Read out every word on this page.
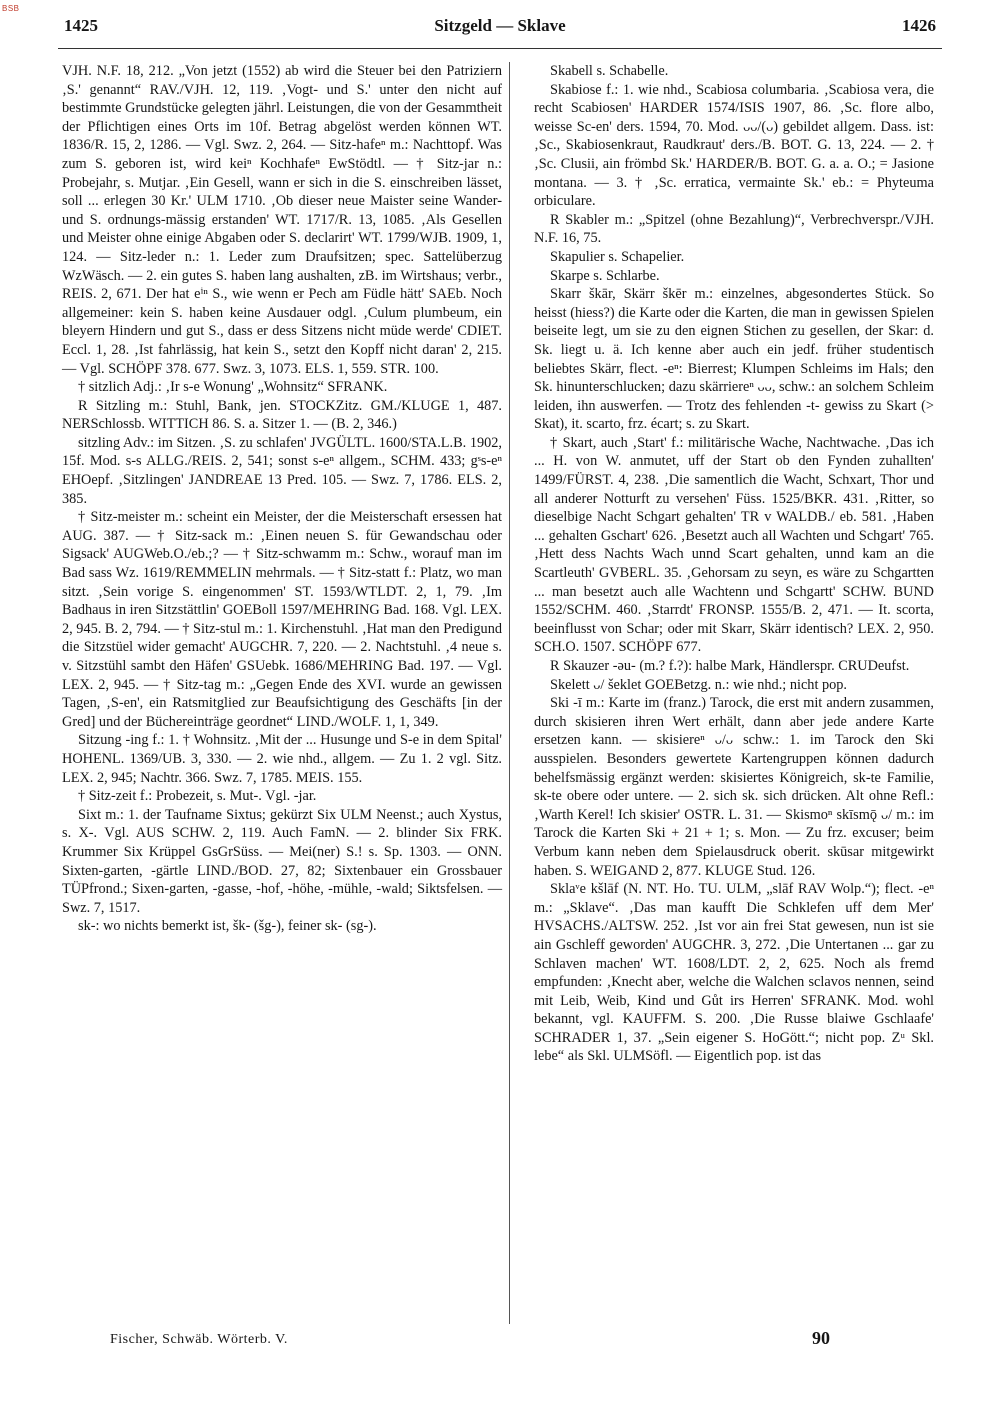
BSB
1425	Sitzgeld — Sklave	1426

VJH. N.F. 18, 212. „Von jetzt (1552) ab wird die Steuer bei den Patriziern ‚S.' genannt“ RAV./VJH. 12, 119. ‚Vogt- und S.' unter den nicht auf bestimmte Grundstücke gelegten jährl. Leistungen, die von der Gesammtheit der Pflichtigen eines Orts im 10f. Betrag abgelöst werden können WT. 1836/R. 15, 2, 1286. — Vgl. Swz. 2, 264. — Sitz-hafeⁿ m.: Nachttopf. Was zum S. geboren ist, wird keiⁿ Kochhafeⁿ EwStödtl. — † Sitz-jar n.: Probejahr, s. Mutjar. ‚Ein Gesell, wann er sich in die S. einschreiben lässet, soll ... erlegen 30 Kr.' ULM 1710. ‚Ob dieser neue Maister seine Wander- und S. ordnungs-mässig erstanden' WT. 1717/R. 13, 1085. ‚Als Gesellen und Meister ohne einige Abgaben oder S. declarirt' WT. 1799/WJB. 1909, 1, 124. — Sitz-leder n.: 1. Leder zum Draufsitzen; spec. Sattelüberzug WzWäsch. — 2. ein gutes S. haben lang aushalten, zB. im Wirtshaus; verbr., REIS. 2, 671. Der hat eⁱⁿ S., wie wenn er Pech am Füdle hätt' SAEb. Noch allgemeiner: kein S. haben keine Ausdauer odgl. ‚Culum plumbeum, ein bleyern Hindern und gut S., dass er dess Sitzens nicht müde werde' CDIET. Eccl. 1, 28. ‚Ist fahrlässig, hat kein S., setzt den Kopff nicht daran' 2, 215. — Vgl. SCHÖPF 378. 677. Swz. 3, 1073. ELS. 1, 559. STR. 100.

† sitzlich Adj.: ‚Ir s-e Wonung' „Wohnsitz“ SFRANK.

R Sitzling m.: Stuhl, Bank, jen. STOCKZitz. GM./KLUGE 1, 487. NERSchlossb. WITTICH 86. S. a. Sitzer 1. — (B. 2, 346.)

sitzling Adv.: im Sitzen. ‚S. zu schlafen' JVGÜLTL. 1600/STA.L.B. 1902, 15f. Mod. s-s ALLG./REIS. 2, 541; sonst s-eⁿ allgem., SCHM. 433; gˢs-eⁿ EHOepf. ‚Sitzlingen' JANDREAE 13 Pred. 105. — Swz. 7, 1786. ELS. 2, 385.

† Sitz-meister m.: scheint ein Meister, der die Meisterschaft ersessen hat AUG. 387. — † Sitz-sack m.: ‚Einen neuen S. für Gewandschau oder Sigsack' AUGWeb.O./eb.;? — † Sitz-schwamm m.: Schw., worauf man im Bad sass Wz. 1619/REMMELIN mehrmals. — † Sitz-statt f.: Platz, wo man sitzt. ‚Sein vorige S. eingenommen' ST. 1593/WTLDT. 2, 1, 79. ‚Im Badhaus in iren Sitzstättlin' GOEBoll 1597/MEHRING Bad. 168. Vgl. LEX. 2, 945. B. 2, 794. — † Sitz-stul m.: 1. Kirchenstuhl. ‚Hat man den Predigund die Sitzstüel wider gemacht' AUGCHR. 7, 220. — 2. Nachtstuhl. ‚4 neue s. v. Sitzstühl sambt den Häfen' GSUebk. 1686/MEHRING Bad. 197. — Vgl. LEX. 2, 945. — † Sitz-tag m.: „Gegen Ende des XVI. wurde an gewissen Tagen, ‚S-en', ein Ratsmitglied zur Beaufsichtigung des Geschäfts [in der Gred] und der Büchereinträge geordnet“ LIND./WOLF. 1, 1, 349.

Sitzung -ing f.: 1. † Wohnsitz. ‚Mit der ... Husunge und S-e in dem Spital' HOHENL. 1369/UB. 3, 330. — 2. wie nhd., allgem. — Zu 1. 2 vgl. Sitz. LEX. 2, 945; Nachtr. 366. Swz. 7, 1785. MEIS. 155.

† Sitz-zeit f.: Probezeit, s. Mut-. Vgl. -jar.

Sixt m.: 1. der Taufname Sixtus; gekürzt Six ULM Neenst.; auch Xystus, s. X-. Vgl. AUS SCHW. 2, 119. Auch FamN. — 2. blinder Six FRK. Krummer Six Krüppel GsGrSüss. — Mei(ner) S.! s. Sp. 1303. — ONN. Sixten-garten, -gärtle LIND./BOD. 27, 82; Sixtenbauer ein Grossbauer TÜPfrond.; Sixen-garten, -gasse, -hof, -höhe, -mühle, -wald; Siktsfelsen. — Swz. 7, 1517.

sk-: wo nichts bemerkt ist, šk- (šg-), feiner sk- (sg-).

Skabell s. Schabelle.

Skabiose f.: 1. wie nhd., Scabiosa columbaria. ‚Scabiosa vera, die recht Scabiosen' HARDER 1574/ISIS 1907, 86. ‚Sc. flore albo, weisse Sc-en' ders. 1594, 70. Mod. ᴗᴗ/(ᴗ) gebildet allgem. Dass. ist: ‚Sc., Skabiosenkraut, Raudkraut' ders./B. BOT. G. 13, 224. — 2. † ‚Sc. Clusii, ain frömbd Sk.' HARDER/B. BOT. G. a. a. O.; = Jasione montana. — 3. † ‚Sc. erratica, vermainte Sk.' eb.: = Phyteuma orbiculare.

R Skabler m.: „Spitzel (ohne Bezahlung)“, Verbrechverspr./VJH. N.F. 16, 75.

Skapulier s. Schapelier.

Skarpe s. Schlarbe.

Skarr škār, Skärr škēr m.: einzelnes, abgesondertes Stück. So heisst (hiess?) die Karte oder die Karten, die man in gewissen Spielen beiseite legt, um sie zu den eignen Stichen zu gesellen, der Skar: d. Sk. liegt u. ä. Ich kenne aber auch ein jedf. früher studentisch beliebtes Skärr, flect. -eⁿ: Bierrest; Klumpen Schleims im Hals; den Sk. hinunterschlucken; dazu skärriereⁿ ᴗᴗ, schw.: an solchem Schleim leiden, ihn auswerfen. — Trotz des fehlenden -t- gewiss zu Skart (> Skat), it. scarto, frz. écart; s. zu Skart.

† Skart, auch ‚Start' f.: militärische Wache, Nachtwache. ‚Das ich ... H. von W. anmutet, uff der Start ob den Fynden zuhallten' 1499/FÜRST. 4, 238. ‚Die samentlich die Wacht, Schxart, Thor und all anderer Notturft zu versehen' Füss. 1525/BKR. 431. ‚Ritter, so dieselbige Nacht Schgart gehalten' TR v WALDB./ eb. 581. ‚Haben ... gehalten Gschart' 626. ‚Besetzt auch all Wachten und Schgart' 765. ‚Hett dess Nachts Wach unnd Scart gehalten, unnd kam an die Scartleuth' GVBERL. 35. ‚Gehorsam zu seyn, es wäre zu Schgartten ... man besetzt auch alle Wachtenn und Schgartt' SCHW. BUND 1552/SCHM. 460. ‚Starrdt' FRONSP. 1555/B. 2, 471. — It. scorta, beeinflusst von Schar; oder mit Skarr, Skärr identisch? LEX. 2, 950. SCH.O. 1507. SCHÖPF 677.

R Skauzer -ǝu- (m.? f.?): halbe Mark, Händlerspr. CRUDeufst.

Skelett ᴗ/ šeklet GOEBetzg. n.: wie nhd.; nicht pop.

Ski -ī m.: Karte im (franz.) Tarock, die erst mit andern zusammen, durch skisieren ihren Wert erhält, dann aber jede andere Karte ersetzen kann. — skisiereⁿ ᴗ/ᴗ schw.: 1. im Tarock den Ski ausspielen. Besonders gewertete Kartengruppen können dadurch behelfsmässig ergänzt werden: skisiertes Königreich, sk-te Familie, sk-te obere oder untere. — 2. sich sk. sich drücken. Alt ohne Refl.: ‚Warth Kerel! Ich skisier' OSTR. L. 31. — Skismoⁿ skīsmǭ ᴗ/ m.: im Tarock die Karten Ski + 21 + 1; s. Mon. — Zu frz. excuser; beim Verbum kann neben dem Spielausdruck oberit. skūsar mitgewirkt haben. S. WEIGAND 2, 877. KLUGE Stud. 126.

Sklaᵛe kšlāf (N. NT. Ho. TU. ULM, „slāf RAV Wolp.“); flect. -eⁿ m.: „Sklave“. ‚Das man kaufft Die Schklefen uff dem Mer' HVSACHS./ALTSW. 252. ‚Ist vor ain frei Stat gewesen, nun ist sie ain Gschleff geworden' AUGCHR. 3, 272. ‚Die Untertanen ... gar zu Schlaven machen' WT. 1608/LDT. 2, 2, 625. Noch als fremd empfunden: ‚Knecht aber, welche die Walchen sclavos nennen, seind mit Leib, Weib, Kind und Gůt irs Herren' SFRANK. Mod. wohl bekannt, vgl. KAUFFM. S. 200. ‚Die Russe blaiwe Gschlaafe' SCHRADER 1, 37. „Sein eigener S. HoGött.“; nicht pop. Zᵘ Skl. lebe“ als Skl. ULMSöfl. — Eigentlich pop. ist das

Fischer, Schwäb. Wörterb. V.	90
